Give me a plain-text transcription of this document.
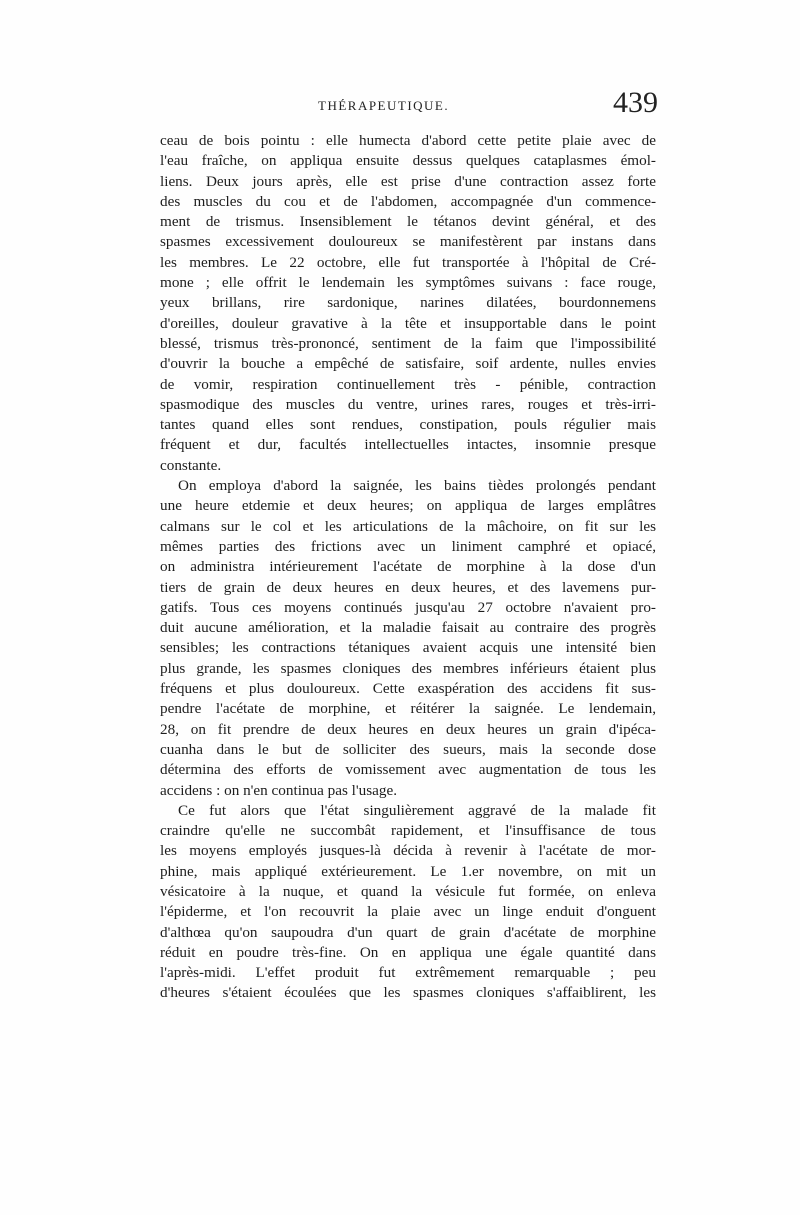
THÉRAPEUTIQUE.	439
ceau de bois pointu : elle humecta d'abord cette petite plaie avec de
l'eau fraîche, on appliqua ensuite dessus quelques cataplasmes émol-
liens. Deux jours après, elle est prise d'une contraction assez forte
des muscles du cou et de l'abdomen, accompagnée d'un commence-
ment de trismus. Insensiblement le tétanos devint général, et des
spasmes excessivement douloureux se manifestèrent par instans dans
les membres. Le 22 octobre, elle fut transportée à l'hôpital de Cré-
mone ; elle offrit le lendemain les symptômes suivans : face rouge,
yeux brillans, rire sardonique, narines dilatées, bourdonnemens
d'oreilles, douleur gravative à la tête et insupportable dans le point
blessé, trismus très-prononcé, sentiment de la faim que l'impossibilité
d'ouvrir la bouche a empêché de satisfaire, soif ardente, nulles envies
de vomir, respiration continuellement très - pénible, contraction
spasmodique des muscles du ventre, urines rares, rouges et très-irri-
tantes quand elles sont rendues, constipation, pouls régulier mais
fréquent et dur, facultés intellectuelles intactes, insomnie presque
constante.
On employa d'abord la saignée, les bains tièdes prolongés pendant
une heure etdemie et deux heures; on appliqua de larges emplâtres
calmans sur le col et les articulations de la mâchoire, on fit sur les
mêmes parties des frictions avec un liniment camphré et opiacé,
on administra intérieurement l'acétate de morphine à la dose d'un
tiers de grain de deux heures en deux heures, et des lavemens pur-
gatifs. Tous ces moyens continués jusqu'au 27 octobre n'avaient pro-
duit aucune amélioration, et la maladie faisait au contraire des progrès
sensibles; les contractions tétaniques avaient acquis une intensité bien
plus grande, les spasmes cloniques des membres inférieurs étaient plus
fréquens et plus douloureux. Cette exaspération des accidens fit sus-
pendre l'acétate de morphine, et réitérer la saignée. Le lendemain,
28, on fit prendre de deux heures en deux heures un grain d'ipéca-
cuanha dans le but de solliciter des sueurs, mais la seconde dose
détermina des efforts de vomissement avec augmentation de tous les
accidens : on n'en continua pas l'usage.
Ce fut alors que l'état singulièrement aggravé de la malade fit
craindre qu'elle ne succombât rapidement, et l'insuffisance de tous
les moyens employés jusques-là décida à revenir à l'acétate de mor-
phine, mais appliqué extérieurement. Le 1.er novembre, on mit un
vésicatoire à la nuque, et quand la vésicule fut formée, on enleva
l'épiderme, et l'on recouvrit la plaie avec un linge enduit d'onguent
d'althœa qu'on saupoudra d'un quart de grain d'acétate de morphine
réduit en poudre très-fine. On en appliqua une égale quantité dans
l'après-midi. L'effet produit fut extrêmement remarquable ; peu
d'heures s'étaient écoulées que les spasmes cloniques s'affaiblirent, les
